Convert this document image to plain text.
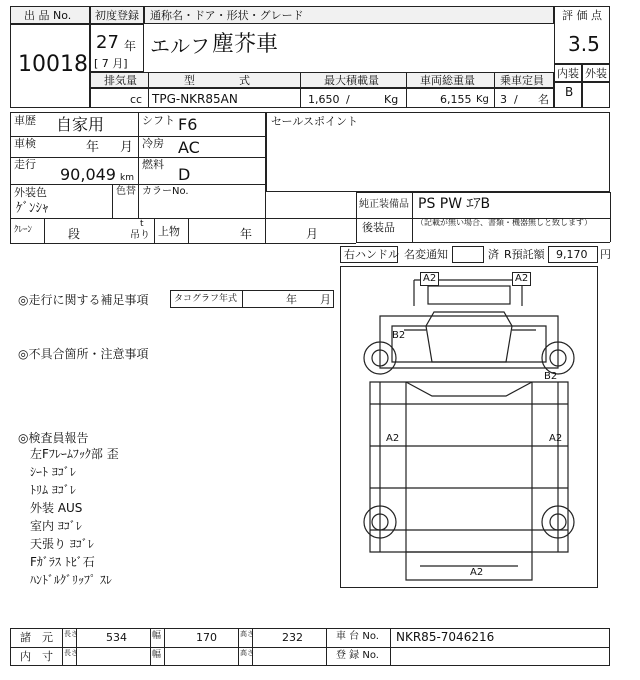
出 品 No.
10018
初度登録
27 年
[ 7 月]
通称名・ドア・形状・グレード
エルフ 塵芥車
評 価 点
3.5
内装 外装
B
排気量	型　　　　式	最大積載量	車両総重量 乗車定員
cc TPG-NKR85AN	1,650 /	Kg	6,155 Kg 3 / 名
セールスポイント
車歴 自家用	シフト F6
車検	年 月 冷房 AC
走行
90,049 km
燃料
D
外装色
ｹﾞﾝｼｬ
色替 カラーNo.
純正装備品 PS PW ｴｱB
後装品	（記載が無い場合、書類・機器無しと致します）
ｸﾚｰﾝ	段
t
吊り 上物	年	月
右ハンドル 名変通知	済 R預託額 9,170 円
◎走行に関する補足事項	タコグラフ年式	年 月
◎不具合箇所・注意事項
◎検査員報告
左Fﾌﾚｰﾑﾌｯｸ部 歪
ｼｰﾄ ﾖｺﾞﾚ
ﾄﾘﾑ ﾖｺﾞﾚ
外装 AUS
室内 ﾖｺﾞﾚ
天張り ﾖｺﾞﾚ
Fｶﾞﾗｽ ﾄﾋﾞ石
ﾊﾝﾄﾞﾙｸﾞﾘｯﾌﾟ ｽﾚ
A2	A2
B2
B2
A2	A2
A2
諸　元 長さ	534	幅	170	高さ	232	車 台 No. NKR85-7046216
内　寸 長さ	幅	高さ	登 録 No.
